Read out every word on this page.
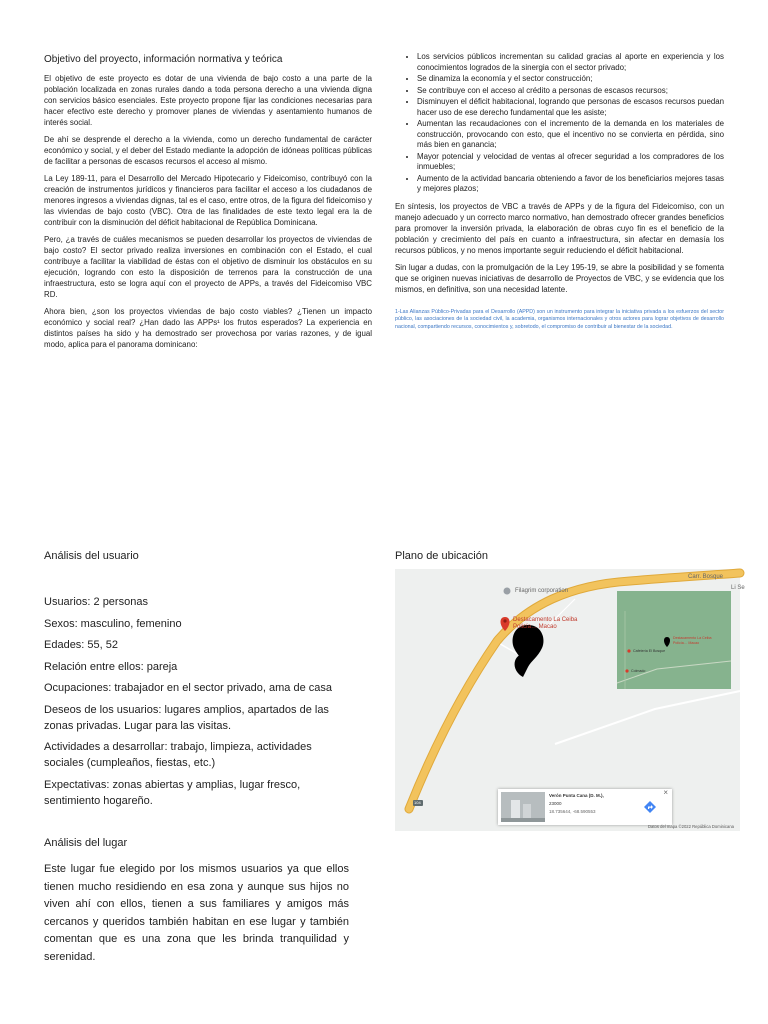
Objetivo del proyecto, información normativa y teórica

El objetivo de este proyecto es dotar de una vivienda de bajo costo a una parte de la población localizada en zonas rurales dando a toda persona derecho a una vivienda digna con servicios básico esenciales. Este proyecto propone fijar las condiciones necesarias para hacer efectivo este derecho y promover planes de viviendas y asentamiento humanos de interés social.

De ahí se desprende el derecho a la vivienda, como un derecho fundamental de carácter económico y social, y el deber del Estado mediante la adopción de idóneas políticas públicas de facilitar a personas de escasos recursos el acceso al mismo.

La Ley 189-11, para el Desarrollo del Mercado Hipotecario y Fideicomiso, contribuyó con la creación de instrumentos jurídicos y financieros para facilitar el acceso a los ciudadanos de menores ingresos a viviendas dignas, tal es el caso, entre otros, de la figura del fideicomiso y las viviendas de bajo costo (VBC). Otra de las finalidades de este texto legal era la de contribuir con la disminución del déficit habitacional de República Dominicana.

Pero, ¿a través de cuáles mecanismos se pueden desarrollar los proyectos de viviendas de bajo costo? El sector privado realiza inversiones en combinación con el Estado, el cual contribuye a facilitar la viabilidad de éstas con el objetivo de disminuir los obstáculos en su ejecución, logrando con esto la disposición de terrenos para la construcción de una infraestructura, esto se logra aquí con el proyecto de APPs, a través del Fideicomiso VBC RD.

Ahora bien, ¿son los proyectos viviendas de bajo costo viables? ¿Tienen un impacto económico y social real? ¿Han dado las APPs¹ los frutos esperados? La experiencia en distintos países ha sido y ha demostrado ser provechosa por varias razones, y de igual modo, aplica para el panorama dominicano:

• Los servicios públicos incrementan su calidad gracias al aporte en experiencia y los conocimientos logrados de la sinergia con el sector privado;
• Se dinamiza la economía y el sector construcción;
• Se contribuye con el acceso al crédito a personas de escasos recursos;
• Disminuyen el déficit habitacional, logrando que personas de escasos recursos puedan hacer uso de ese derecho fundamental que les asiste;
• Aumentan las recaudaciones con el incremento de la demanda en los materiales de construcción, provocando con esto, que el incentivo no se convierta en pérdida, sino más bien en ganancia;
• Mayor potencial y velocidad de ventas al ofrecer seguridad a los compradores de los inmuebles;
• Aumento de la actividad bancaria obteniendo a favor de los beneficiarios mejores tasas y mejores plazos;

En síntesis, los proyectos de VBC a través de APPs y de la figura del Fideicomiso, con un manejo adecuado y un correcto marco normativo, han demostrado ofrecer grandes beneficios para promover la inversión privada, la elaboración de obras cuyo fin es el beneficio de la población y crecimiento del país en cuanto a infraestructura, sin afectar en demasía los recursos públicos, y no menos importante seguir reduciendo el déficit habitacional.

Sin lugar a dudas, con la promulgación de la Ley 195-19, se abre la posibilidad y se fomenta que se originen nuevas iniciativas de desarrollo de Proyectos de VBC, y se evidencia que los mismos, en definitiva, son una necesidad latente.

1-Las Alianzas Público-Privadas para el Desarrollo (APPD) son un instrumento para integrar la iniciativa privada a los esfuerzos del sector público, las asociaciones de la sociedad civil, la academia, organismos internacionales y otros actores para lograr objetivos de desarrollo nacional, compartiendo recursos, conocimientos y, sobretodo, el compromiso de contribuir al bienestar de la sociedad.
Análisis del usuario
Usuarios: 2 personas
Sexos: masculino, femenino
Edades: 55, 52
Relación entre ellos: pareja
Ocupaciones: trabajador en el sector privado, ama de casa
Deseos de los usuarios: lugares amplios, apartados de las zonas privadas. Lugar para las visitas.
Actividades a desarrollar: trabajo, limpieza, actividades sociales (cumpleaños, fiestas, etc.)
Expectativas: zonas abiertas y amplias, lugar fresco, sentimiento hogareño.
Análisis del lugar
Este lugar fue elegido por los mismos usuarios ya que ellos tienen mucho residiendo en esa zona y aunque sus hijos no viven ahí con ellos, tienen a sus familiares y amigos más cercanos y queridos también habitan en ese lugar y también comentan que es una zona que les brinda tranquilidad y serenidad.
Plano de ubicación
Carr. Bosque
Li Se
Filagrim corporation
Destacamento La Ceiba
Policía… Macao
104
Destacamento La Ceiba
Policía… Macao
Cafetería El Bosque
Colmado
Verón Punta Cana (D. M.),
23000
18.735644, -68.590553
×
Datos del mapa ©2022 República Dominicana
